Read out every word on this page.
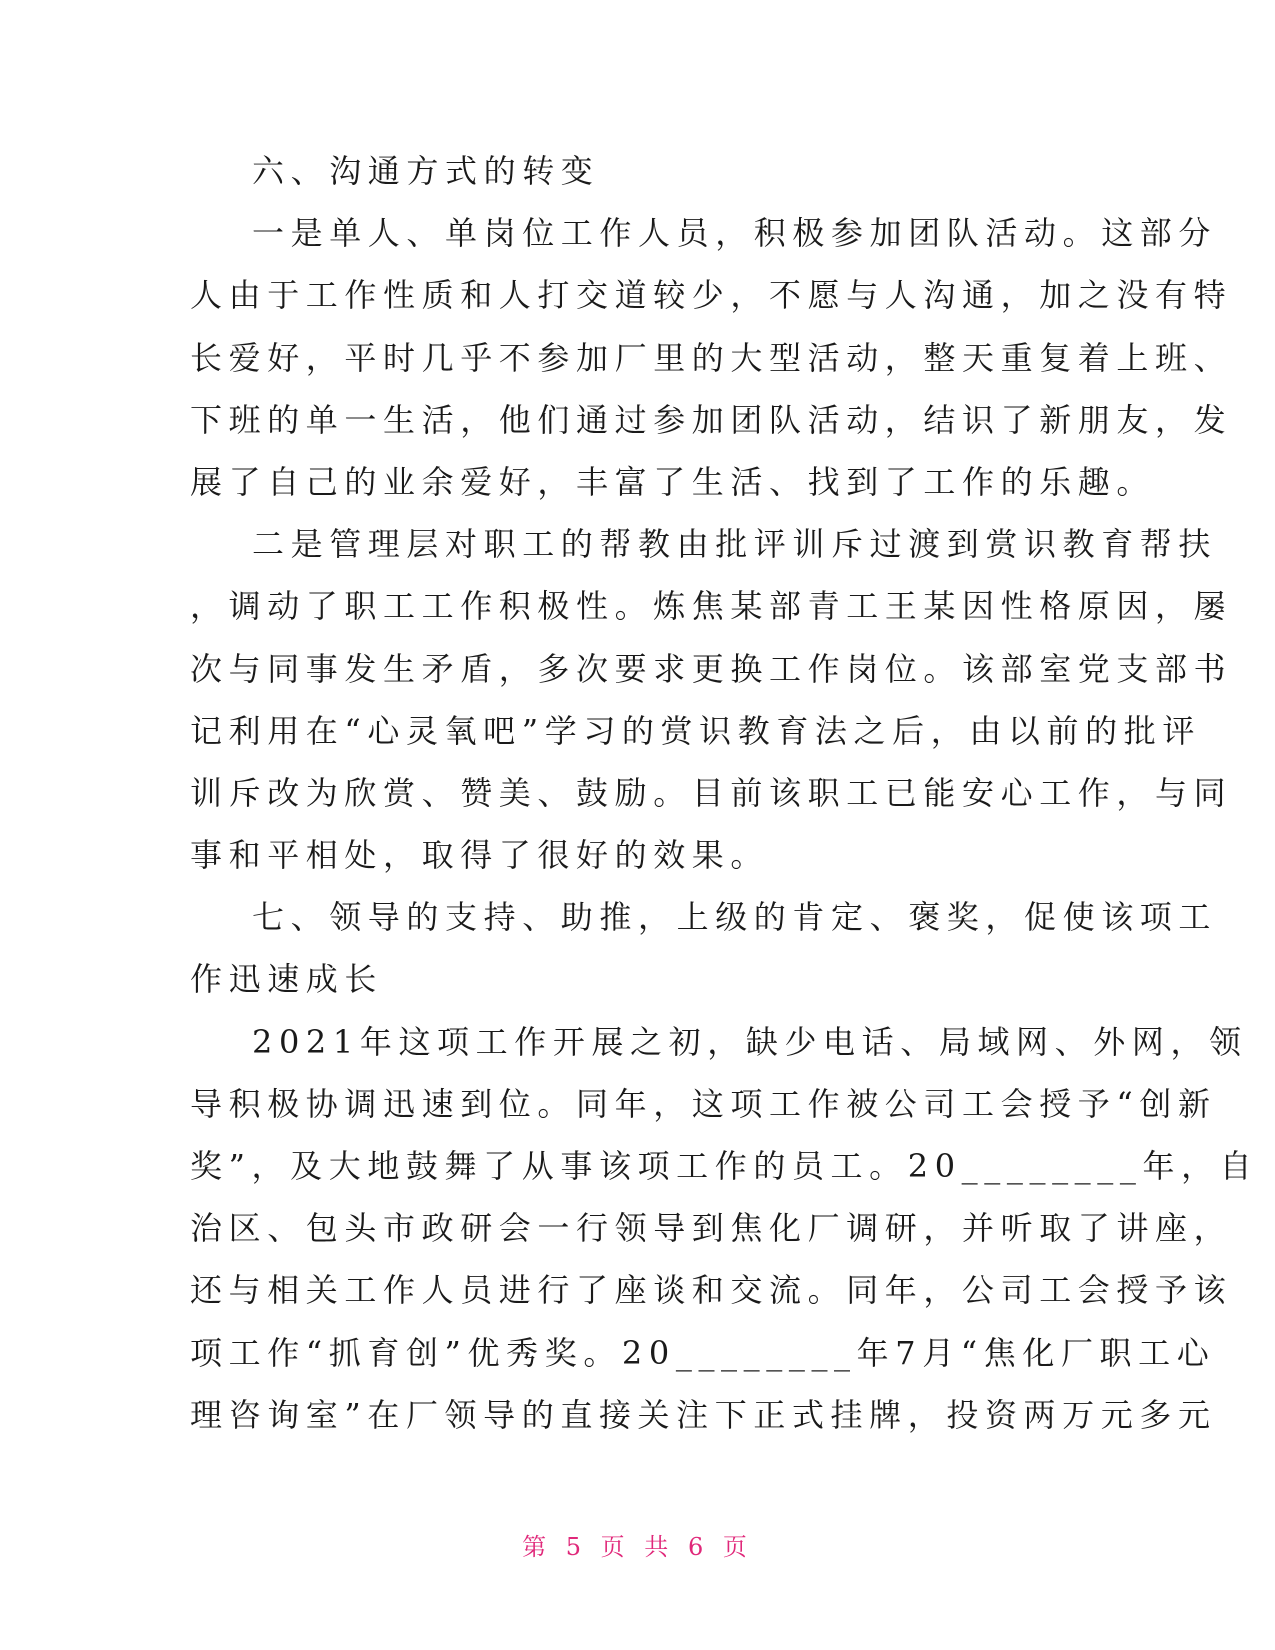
六、沟通方式的转变
一是单人、单岗位工作人员，积极参加团队活动。这部分
人由于工作性质和人打交道较少，不愿与人沟通，加之没有特
长爱好，平时几乎不参加厂里的大型活动，整天重复着上班、
下班的单一生活，他们通过参加团队活动，结识了新朋友，发
展了自己的业余爱好，丰富了生活、找到了工作的乐趣。
二是管理层对职工的帮教由批评训斥过渡到赏识教育帮扶
，调动了职工工作积极性。炼焦某部青工王某因性格原因，屡
次与同事发生矛盾，多次要求更换工作岗位。该部室党支部书
记利用在“心灵氧吧”学习的赏识教育法之后，由以前的批评
训斥改为欣赏、赞美、鼓励。目前该职工已能安心工作，与同
事和平相处，取得了很好的效果。
七、领导的支持、助推，上级的肯定、褒奖，促使该项工
作迅速成长
2021年这项工作开展之初，缺少电话、局域网、外网，领
导积极协调迅速到位。同年，这项工作被公司工会授予“创新
奖”，及大地鼓舞了从事该项工作的员工。20________年，自
治区、包头市政研会一行领导到焦化厂调研，并听取了讲座，
还与相关工作人员进行了座谈和交流。同年，公司工会授予该
项工作“抓育创”优秀奖。20________年7月“焦化厂职工心
理咨询室”在厂领导的直接关注下正式挂牌，投资两万元多元
第 5 页 共 6 页
